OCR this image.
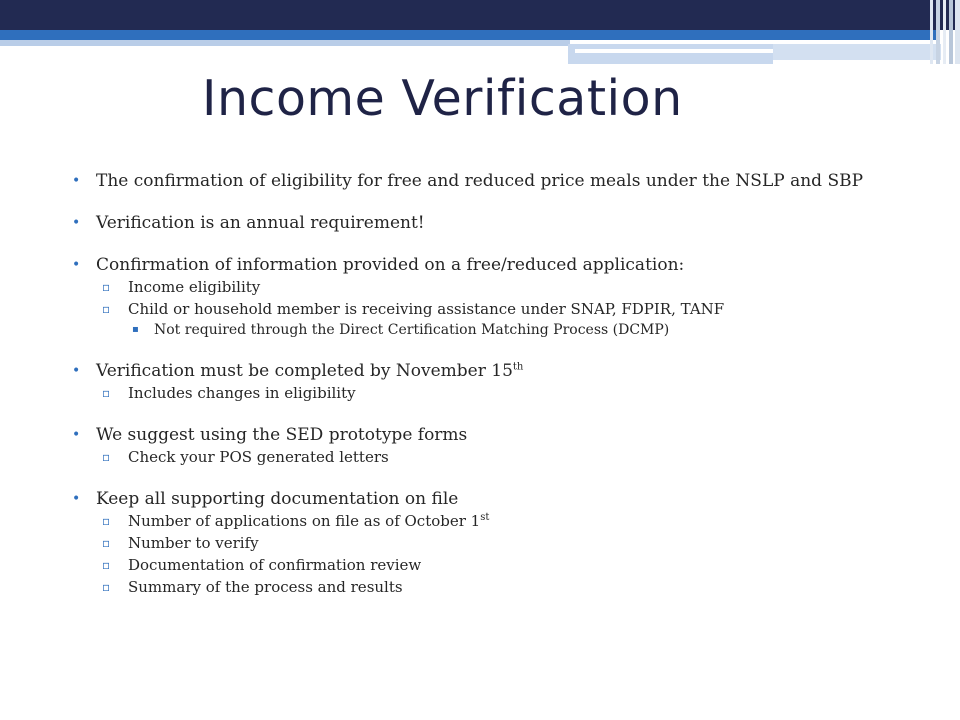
Income Verification
• The confirmation of eligibility for free and reduced price meals under the NSLP and SBP
• Verification is an annual requirement!
• Confirmation of information provided on a free/reduced application:
▫ Income eligibility
▫ Child or household member is receiving assistance under SNAP, FDPIR, TANF
▪ Not required through the Direct Certification Matching Process (DCMP)
• Verification must be completed by November 15th
▫ Includes changes in eligibility
• We suggest using the SED prototype forms
▫ Check your POS generated letters
• Keep all supporting documentation on file
▫ Number of applications on file as of October 1st
▫ Number to verify
▫ Documentation of confirmation review
▫ Summary of the process and results
